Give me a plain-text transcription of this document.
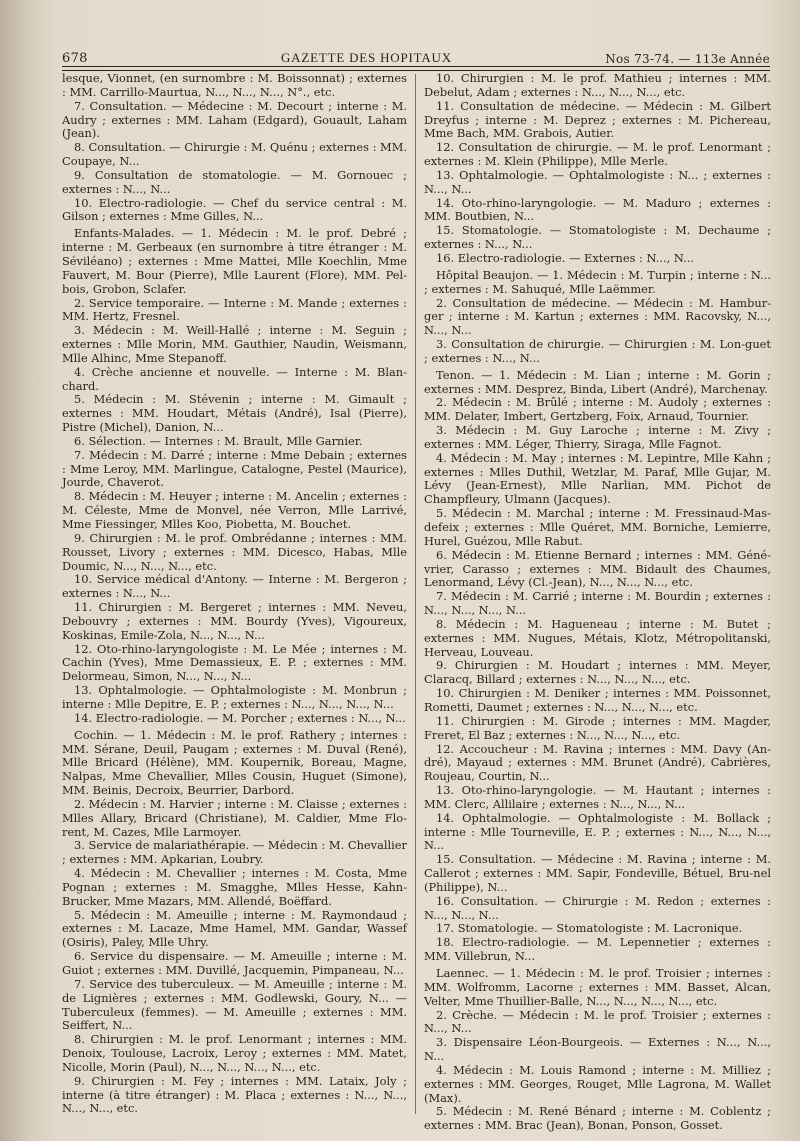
678	GAZETTE DES HOPITAUX	Nos 73-74. — 113e Année

lesque, Vionnet, (en surnombre : M. Boissonnat) ; externes : MM. Carrillo-Maurtua, N..., N..., N..., N°., etc.

7. Consultation. — Médecine : M. Decourt ; interne : M. Audry ; externes : MM. Laham (Edgard), Gouault, Laham (Jean).

8. Consultation. — Chirurgie : M. Quénu ; externes : MM. Coupaye, N...

9. Consultation de stomatologie. — M. Gornouec ; externes : N..., N...

10. Electro-radiologie. — Chef du service central : M. Gilson ; externes : Mme Gilles, N...

Enfants-Malades. — 1. Médecin : M. le prof. Debré ; interne : M. Gerbeaux (en surnombre à titre étranger : M. Séviléano) ; externes : Mme Mattei, Mlle Koechlin, Mme Fauvert, M. Bour (Pierre), Mlle Laurent (Flore), MM. Pel-bois, Grobon, Sclafer.

2. Service temporaire. — Interne : M. Mande ; externes : MM. Hertz, Fresnel.

3. Médecin : M. Weill-Hallé ; interne : M. Seguin ; externes : Mlle Morin, MM. Gauthier, Naudin, Weismann, Mlle Alhinc, Mme Stepanoff.

4. Crèche ancienne et nouvelle. — Interne : M. Blan-chard.

5. Médecin : M. Stévenin ; interne : M. Gimault ; externes : MM. Houdart, Métais (André), Isal (Pierre), Pistre (Michel), Danion, N...

6. Sélection. — Internes : M. Brault, Mlle Garnier.

7. Médecin : M. Darré ; interne : Mme Debain ; externes : Mme Leroy, MM. Marlingue, Catalogne, Pestel (Maurice), Jourde, Chaverot.

8. Médecin : M. Heuyer ; interne : M. Ancelin ; externes : M. Céleste, Mme de Monvel, née Verron, Mlle Larrivé, Mme Fiessinger, Mlles Koo, Piobetta, M. Bouchet.

9. Chirurgien : M. le prof. Ombrédanne ; internes : MM. Rousset, Livory ; externes : MM. Dicesco, Habas, Mlle Doumic, N..., N..., N..., etc.

10. Service médical d'Antony. — Interne : M. Bergeron ; externes : N..., N...

11. Chirurgien : M. Bergeret ; internes : MM. Neveu, Debouvry ; externes : MM. Bourdy (Yves), Vigoureux, Koskinas, Emile-Zola, N..., N..., N...

12. Oto-rhino-laryngologiste : M. Le Mée ; internes : M. Cachin (Yves), Mme Demassieux, E. P. ; externes : MM. Delormeau, Simon, N..., N..., N...

13. Ophtalmologie. — Ophtalmologiste : M. Monbrun ; interne : Mlle Depitre, E. P. ; externes : N..., N..., N..., N...

14. Electro-radiologie. — M. Porcher ; externes : N..., N...

Cochin. — 1. Médecin : M. le prof. Rathery ; internes : MM. Sérane, Deuil, Paugam ; externes : M. Duval (René), Mlle Bricard (Hélène), MM. Koupernik, Boreau, Magne, Nalpas, Mme Chevallier, Mlles Cousin, Huguet (Simone), MM. Beinis, Decroix, Beurrier, Darbord.

2. Médecin : M. Harvier ; interne : M. Claisse ; externes : Mlles Allary, Bricard (Christiane), M. Caldier, Mme Flo-rent, M. Cazes, Mlle Larmoyer.

3. Service de malariathérapie. — Médecin : M. Chevallier ; externes : MM. Apkarian, Loubry.

4. Médecin : M. Chevallier ; internes : M. Costa, Mme Pognan ; externes : M. Smagghe, Mlles Hesse, Kahn-Brucker, Mme Mazars, MM. Allendé, Boëffard.

5. Médecin : M. Ameuille ; interne : M. Raymondaud ; externes : M. Lacaze, Mme Hamel, MM. Gandar, Wassef (Osiris), Paley, Mlle Uhry.

6. Service du dispensaire. — M. Ameuille ; interne : M. Guiot ; externes : MM. Duvillé, Jacquemin, Pimpaneau, N...

7. Service des tuberculeux. — M. Ameuille ; interne : M. de Lignières ; externes : MM. Godlewski, Goury, N... — Tuberculeux (femmes). — M. Ameuille ; externes : MM. Seiffert, N...

8. Chirurgien : M. le prof. Lenormant ; internes : MM. Denoix, Toulouse, Lacroix, Leroy ; externes : MM. Matet, Nicolle, Morin (Paul), N..., N..., N..., N..., etc.

9. Chirurgien : M. Fey ; internes : MM. Lataix, Joly ; interne (à titre étranger) : M. Placa ; externes : N..., N..., N..., N..., etc.

10. Chirurgien : M. le prof. Mathieu ; internes : MM. Debelut, Adam ; externes : N..., N..., N..., etc.

11. Consultation de médecine. — Médecin : M. Gilbert Dreyfus ; interne : M. Deprez ; externes : M. Pichereau, Mme Bach, MM. Grabois, Autier.

12. Consultation de chirurgie. — M. le prof. Lenormant ; externes : M. Klein (Philippe), Mlle Merle.

13. Ophtalmologie. — Ophtalmologiste : N... ; externes : N..., N...

14. Oto-rhino-laryngologie. — M. Maduro ; externes : MM. Boutbien, N...

15. Stomatologie. — Stomatologiste : M. Dechaume ; externes : N..., N...

16. Electro-radiologie. — Externes : N..., N...

Hôpital Beaujon. — 1. Médecin : M. Turpin ; interne : N... ; externes : M. Sahuqué, Mlle Laëmmer.

2. Consultation de médecine. — Médecin : M. Hambur-ger ; interne : M. Kartun ; externes : MM. Racovsky, N..., N..., N...

3. Consultation de chirurgie. — Chirurgien : M. Lon-guet ; externes : N..., N...

Tenon. — 1. Médecin : M. Lian ; interne : M. Gorin ; externes : MM. Desprez, Binda, Libert (André), Marchenay.

2. Médecin : M. Brûlé ; interne : M. Audoly ; externes : MM. Delater, Imbert, Gertzberg, Foix, Arnaud, Tournier.

3. Médecin : M. Guy Laroche ; interne : M. Zivy ; externes : MM. Léger, Thierry, Siraga, Mlle Fagnot.

4. Médecin : M. May ; internes : M. Lepintre, Mlle Kahn ; externes : Mlles Duthil, Wetzlar, M. Paraf, Mlle Gujar, M. Lévy (Jean-Ernest), Mlle Narlian, MM. Pichot de Champfleury, Ulmann (Jacques).

5. Médecin : M. Marchal ; interne : M. Fressinaud-Mas-defeix ; externes : Mlle Quéret, MM. Borniche, Lemierre, Hurel, Guézou, Mlle Rabut.

6. Médecin : M. Etienne Bernard ; internes : MM. Géné-vrier, Carasso ; externes : MM. Bidault des Chaumes, Lenormand, Lévy (Cl.-Jean), N..., N..., N..., etc.

7. Médecin : M. Carrié ; interne : M. Bourdin ; externes : N..., N..., N..., N...

8. Médecin : M. Hagueneau ; interne : M. Butet ; externes : MM. Nugues, Métais, Klotz, Métropolitanski, Herveau, Louveau.

9. Chirurgien : M. Houdart ; internes : MM. Meyer, Claracq, Billard ; externes : N..., N..., N..., etc.

10. Chirurgien : M. Deniker ; internes : MM. Poissonnet, Rometti, Daumet ; externes : N..., N..., N..., etc.

11. Chirurgien : M. Girode ; internes : MM. Magder, Freret, El Baz ; externes : N..., N..., N..., etc.

12. Accoucheur : M. Ravina ; internes : MM. Davy (An-dré), Mayaud ; externes : MM. Brunet (André), Cabrières, Roujeau, Courtin, N...

13. Oto-rhino-laryngologie. — M. Hautant ; internes : MM. Clerc, Allilaire ; externes : N..., N..., N...

14. Ophtalmologie. — Ophtalmologiste : M. Bollack ; interne : Mlle Tourneville, E. P. ; externes : N..., N..., N..., N...

15. Consultation. — Médecine : M. Ravina ; interne : M. Callerot ; externes : MM. Sapir, Fondeville, Bétuel, Bru-nel (Philippe), N...

16. Consultation. — Chirurgie : M. Redon ; externes : N..., N..., N...

17. Stomatologie. — Stomatologiste : M. Lacronique.

18. Electro-radiologie. — M. Lepennetier ; externes : MM. Villebrun, N...

Laennec. — 1. Médecin : M. le prof. Troisier ; internes : MM. Wolfromm, Lacorne ; externes : MM. Basset, Alcan, Velter, Mme Thuillier-Balle, N..., N..., N..., N..., etc.

2. Crèche. — Médecin : M. le prof. Troisier ; externes : N..., N...

3. Dispensaire Léon-Bourgeois. — Externes : N..., N..., N...

4. Médecin : M. Louis Ramond ; interne : M. Milliez ; externes : MM. Georges, Rouget, Mlle Lagrona, M. Wallet (Max).

5. Médecin : M. René Bénard ; interne : M. Coblentz ; externes : MM. Brac (Jean), Bonan, Ponson, Gosset.
